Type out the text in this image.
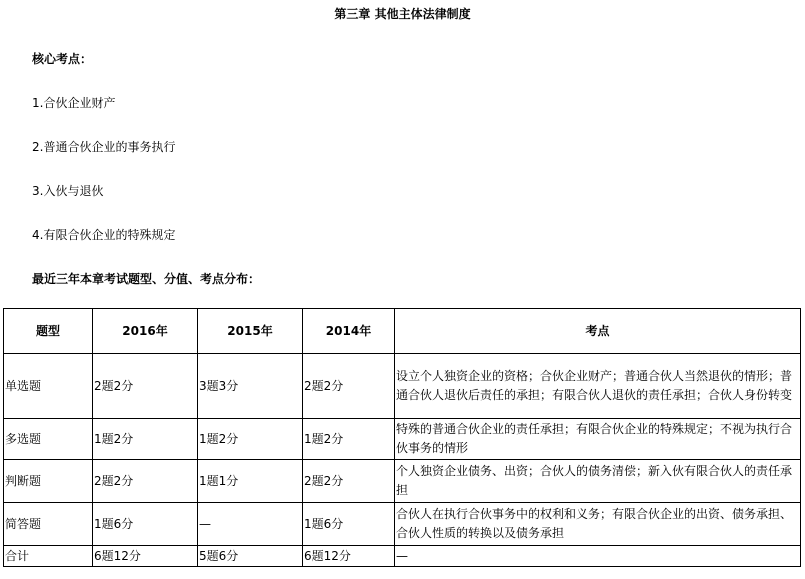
第三章 其他主体法律制度
核心考点：
1.合伙企业财产
2.普通合伙企业的事务执行
3.入伙与退伙
4.有限合伙企业的特殊规定
最近三年本章考试题型、分值、考点分布：
题型	2016年	2015年	2014年	考点
单选题	2题2分	3题3分	2题2分	设立个人独资企业的资格；合伙企业财产；普通合伙人当然退伙的情形；普通合伙人退伙后责任的承担；有限合伙人退伙的责任承担；合伙人身份转变
多选题	1题2分	1题2分	1题2分	特殊的普通合伙企业的责任承担；有限合伙企业的特殊规定；不视为执行合伙事务的情形
判断题	2题2分	1题1分	2题2分	个人独资企业债务、出资；合伙人的债务清偿；新入伙有限合伙人的责任承担
简答题	1题6分	—	1题6分	合伙人在执行合伙事务中的权利和义务；有限合伙企业的出资、债务承担、合伙人性质的转换以及债务承担
合计	6题12分	5题6分	6题12分	—
